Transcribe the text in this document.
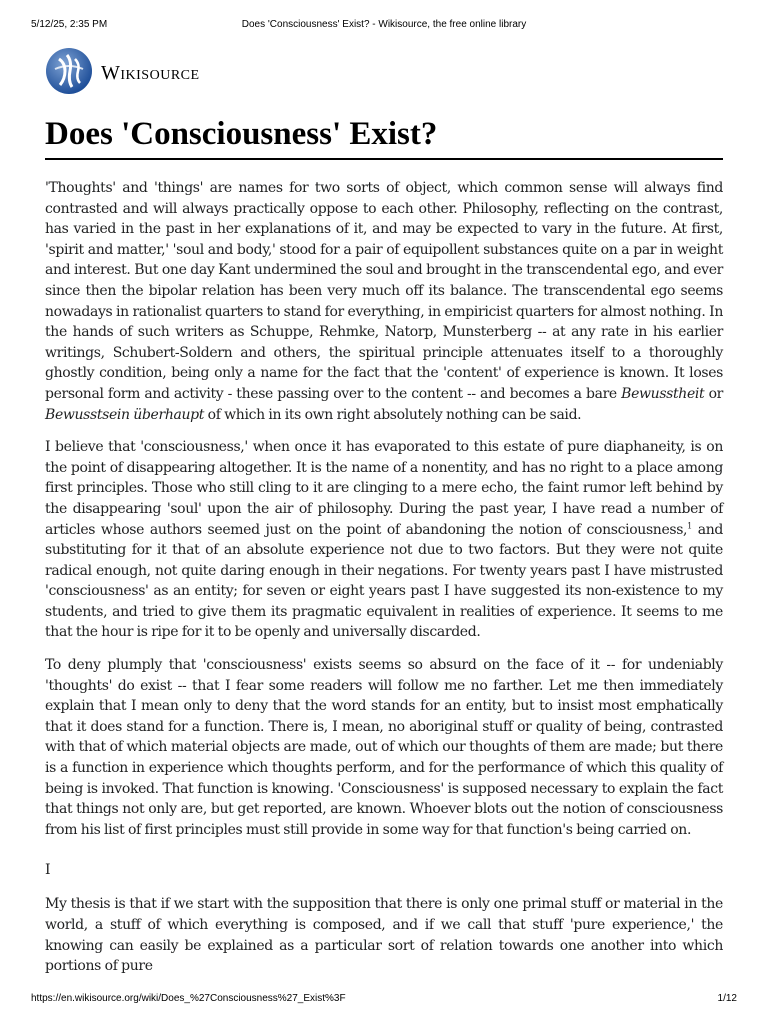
5/12/25, 2:35 PM	Does 'Consciousness' Exist? - Wikisource, the free online library
Wikisource
Does 'Consciousness' Exist?

'Thoughts' and 'things' are names for two sorts of object, which common sense will always find contrasted and will always practically oppose to each other. Philosophy, reflecting on the contrast, has varied in the past in her explanations of it, and may be expected to vary in the future. At first, 'spirit and matter,' 'soul and body,' stood for a pair of equipollent substances quite on a par in weight and interest. But one day Kant undermined the soul and brought in the transcendental ego, and ever since then the bipolar relation has been very much off its balance. The transcendental ego seems nowadays in rationalist quarters to stand for everything, in empiricist quarters for almost nothing. In the hands of such writers as Schuppe, Rehmke, Natorp, Munsterberg -- at any rate in his earlier writings, Schubert-Soldern and others, the spiritual principle attenuates itself to a thoroughly ghostly condition, being only a name for the fact that the 'content' of experience is known. It loses personal form and activity - these passing over to the content -- and becomes a bare Bewusstheit or Bewusstsein überhaupt of which in its own right absolutely nothing can be said.

I believe that 'consciousness,' when once it has evaporated to this estate of pure diaphaneity, is on the point of disappearing altogether. It is the name of a nonentity, and has no right to a place among first principles. Those who still cling to it are clinging to a mere echo, the faint rumor left behind by the disappearing 'soul' upon the air of philosophy. During the past year, I have read a number of articles whose authors seemed just on the point of abandoning the notion of consciousness,$^1$ and substituting for it that of an absolute experience not due to two factors. But they were not quite radical enough, not quite daring enough in their negations. For twenty years past I have mistrusted 'consciousness' as an entity; for seven or eight years past I have suggested its non-existence to my students, and tried to give them its pragmatic equivalent in realities of experience. It seems to me that the hour is ripe for it to be openly and universally discarded.

To deny plumply that 'consciousness' exists seems so absurd on the face of it -- for undeniably 'thoughts' do exist -- that I fear some readers will follow me no farther. Let me then immediately explain that I mean only to deny that the word stands for an entity, but to insist most emphatically that it does stand for a function. There is, I mean, no aboriginal stuff or quality of being, contrasted with that of which material objects are made, out of which our thoughts of them are made; but there is a function in experience which thoughts perform, and for the performance of which this quality of being is invoked. That function is knowing. 'Consciousness' is supposed necessary to explain the fact that things not only are, but get reported, are known. Whoever blots out the notion of consciousness from his list of first principles must still provide in some way for that function's being carried on.

I

My thesis is that if we start with the supposition that there is only one primal stuff or material in the world, a stuff of which everything is composed, and if we call that stuff 'pure experience,' the knowing can easily be explained as a particular sort of relation towards one another into which portions of pure

https://en.wikisource.org/wiki/Does_%27Consciousness%27_Exist%3F	1/12
